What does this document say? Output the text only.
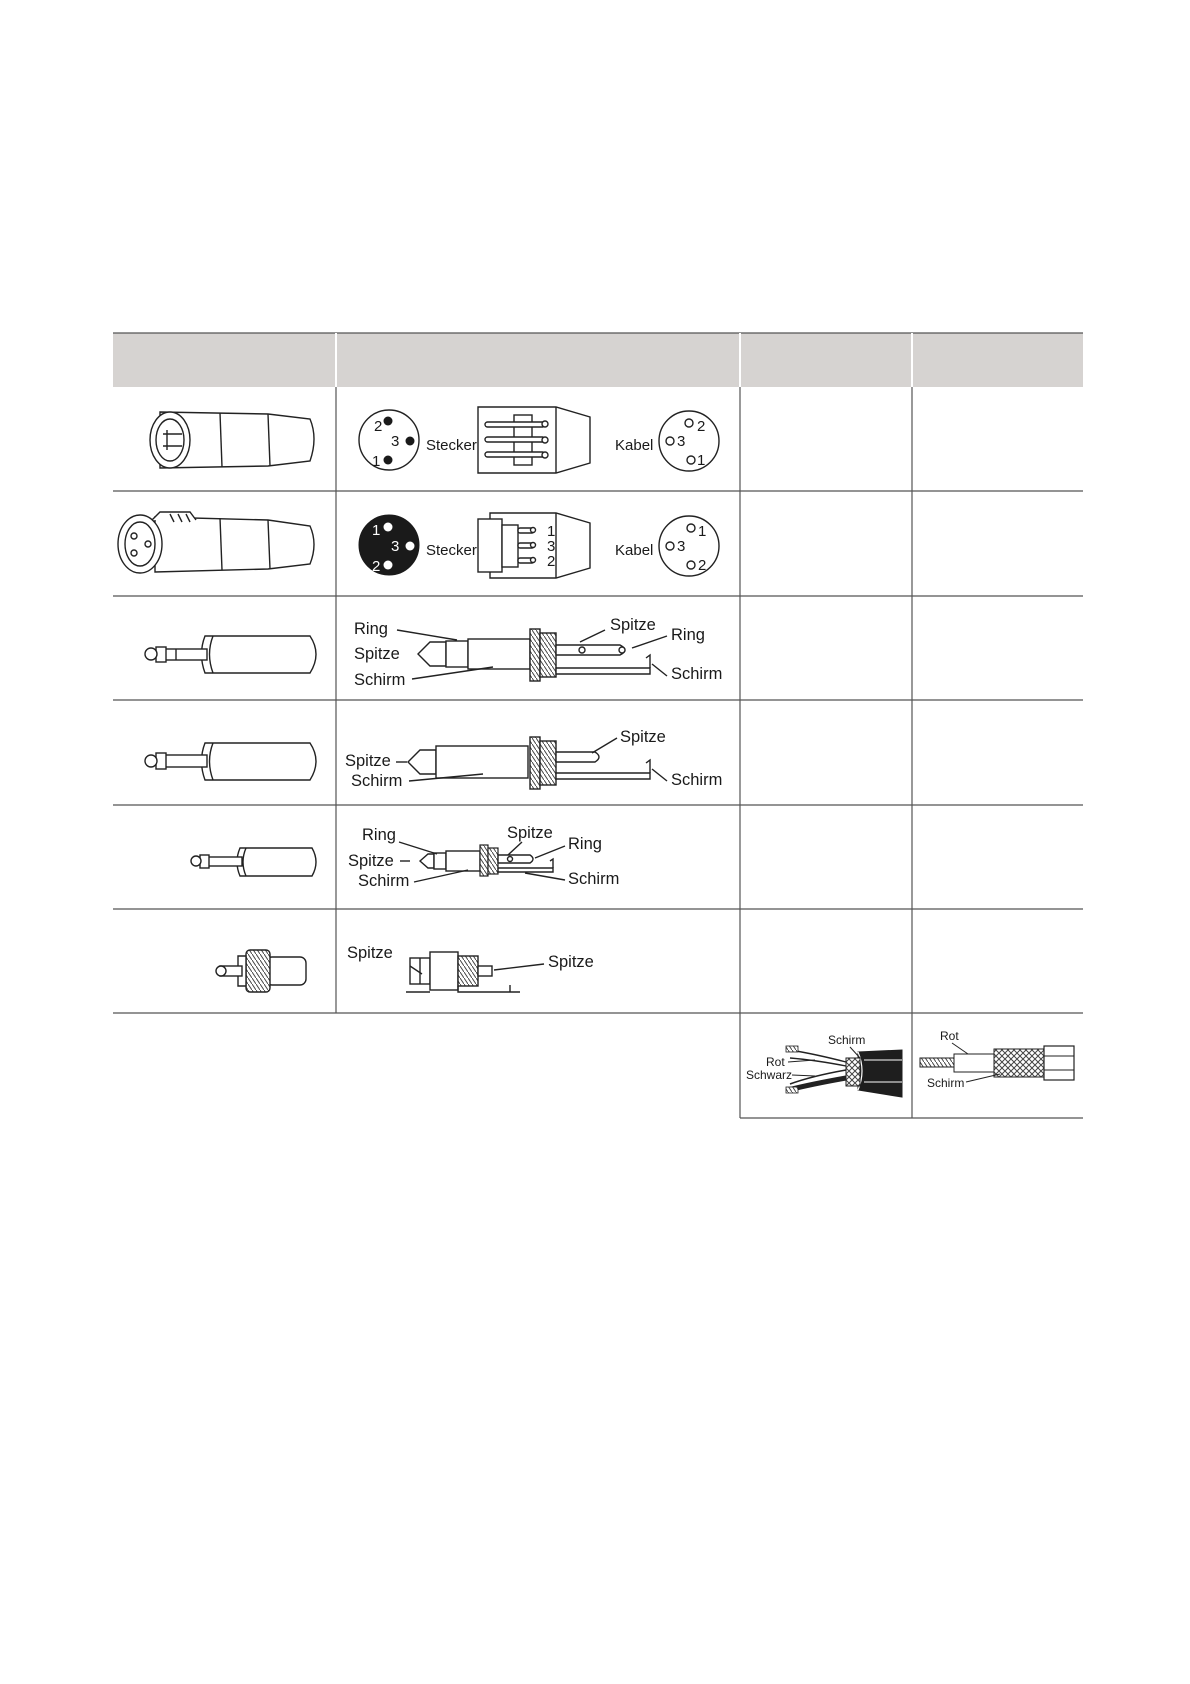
2
3
1
Stecker	Kabel
2
3
1
1
3
2
Stecker
1
3
2
Kabel
1
3
2
Ring
Spitze
Schirm
Spitze
Ring
Schirm
Spitze
Schirm
Spitze
Schirm
Ring
Spitze
Schirm
Spitze
Ring
Schirm
Spitze	Spitze
Schirm
Rot
Schwarz
Rot
Schirm
